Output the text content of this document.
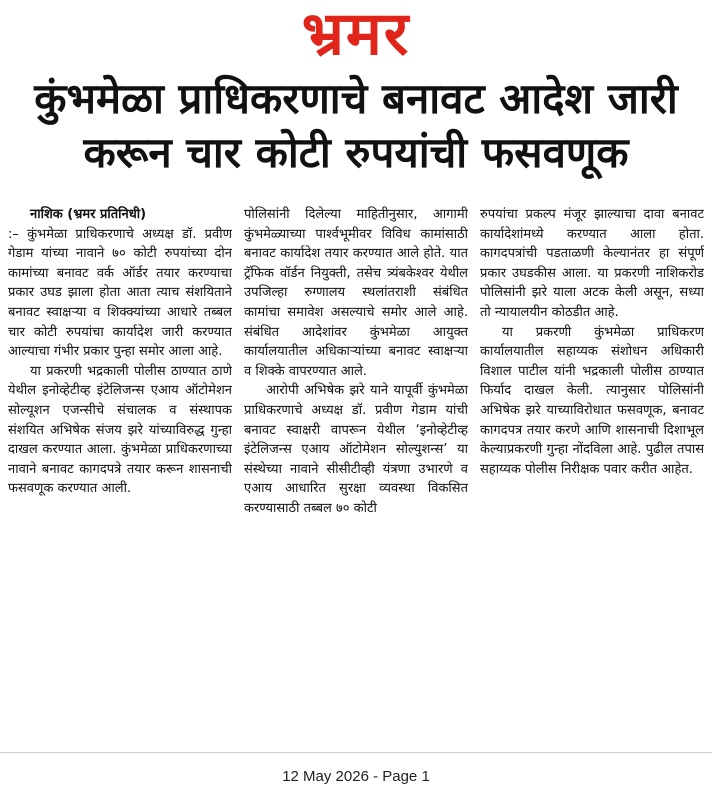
भ्रमर
कुंभमेळा प्राधिकरणाचे बनावट आदेश जारी
करून चार कोटी रुपयांची फसवणूक

नाशिक (भ्रमर प्रतिनिधी)

:– कुंभमेळा प्राधिकरणाचे अध्यक्ष डॉ. प्रवीण गेडाम यांच्या नावाने ७० कोटी रुपयांच्या दोन कामांच्या बनावट वर्क ऑर्डर तयार करण्याचा प्रकार उघड झाला होता आता त्याच संशयिताने बनावट स्वाक्षऱ्या व शिक्क्यांच्या आधारे तब्बल चार कोटी रुपयांचा कार्यादेश जारी करण्यात आल्याचा गंभीर प्रकार पुन्हा समोर आला आहे.

या प्रकरणी भद्रकाली पोलीस ठाण्यात ठाणे येथील इनोव्हेटीव्ह इंटेलिजन्स एआय ऑटोमेशन सोल्यूशन एजन्सीचे संचालक व संस्थापक संशयित अभिषेक संजय झरे यांच्याविरुद्ध गुन्हा दाखल करण्यात आला. कुंभमेळा प्राधिकरणाच्या नावाने बनावट कागदपत्रे तयार करून शासनाची फसवणूक करण्यात आली.

पोलिसांनी दिलेल्या माहितीनुसार, आगामी कुंभमेळ्याच्या पार्श्वभूमीवर विविध कामांसाठी बनावट कार्यादेश तयार करण्यात आले होते. यात ट्रॅफिक वॉर्डन नियुक्ती, तसेच त्र्यंबकेश्वर येथील उपजिल्हा रुग्णालय स्थलांतराशी संबंधित कामांचा समावेश असल्याचे समोर आले आहे. संबंधित आदेशांवर कुंभमेळा आयुक्त कार्यालयातील अधिकाऱ्यांच्या बनावट स्वाक्षऱ्या व शिक्के वापरण्यात आले.

आरोपी अभिषेक झरे याने यापूर्वी कुंभमेळा प्राधिकरणाचे अध्यक्ष डॉ. प्रवीण गेडाम यांची बनावट स्वाक्षरी वापरून येथील ‘इनोव्हेटीव्ह इंटेलिजन्स एआय ऑटोमेशन सोल्युशन्स’ या संस्थेच्या नावाने सीसीटीव्ही यंत्रणा उभारणे व एआय आधारित सुरक्षा व्यवस्था विकसित करण्यासाठी तब्बल ७० कोटी

रुपयांचा प्रकल्प मंजूर झाल्याचा दावा बनावट कार्यादेशांमध्ये करण्यात आला होता. कागदपत्रांची पडताळणी केल्यानंतर हा संपूर्ण प्रकार उघडकीस आला. या प्रकरणी नाशिकरोड पोलिसांनी झरे याला अटक केली असून, सध्या तो न्यायालयीन कोठडीत आहे.

या प्रकरणी कुंभमेळा प्राधिकरण कार्यालयातील सहाय्यक संशोधन अधिकारी विशाल पाटील यांनी भद्रकाली पोलीस ठाण्यात फिर्याद दाखल केली. त्यानुसार पोलिसांनी अभिषेक झरे याच्याविरोधात फसवणूक, बनावट कागदपत्र तयार करणे आणि शासनाची दिशाभूल केल्याप्रकरणी गुन्हा नोंदविला आहे. पुढील तपास सहाय्यक पोलीस निरीक्षक पवार करीत आहेत.

12 May 2026 - Page 1
